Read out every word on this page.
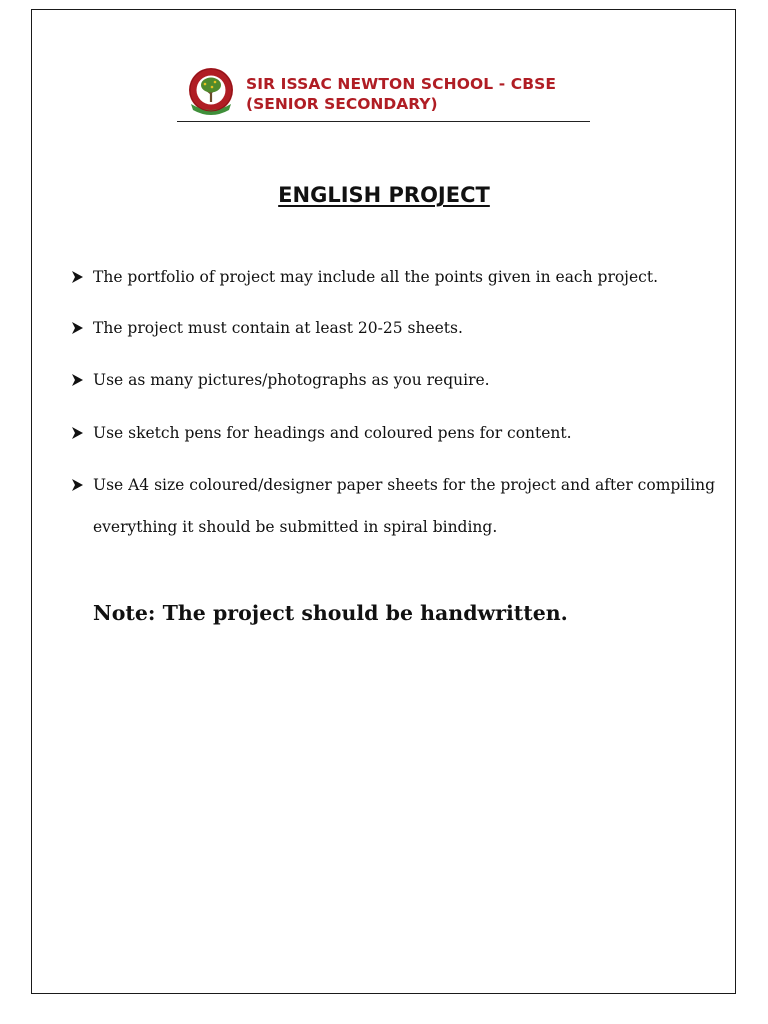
SIR ISSAC NEWTON SCHOOL - CBSE
(SENIOR SECONDARY)
ENGLISH PROJECT
The portfolio of project may include all the points given in each project.
The project must contain at least 20-25 sheets.
Use as many pictures/photographs as you require.
Use sketch pens for headings and coloured pens for content.
Use A4 size coloured/designer paper sheets for the project and after compiling
everything it should be submitted in spiral binding.
Note: The project should be handwritten.
